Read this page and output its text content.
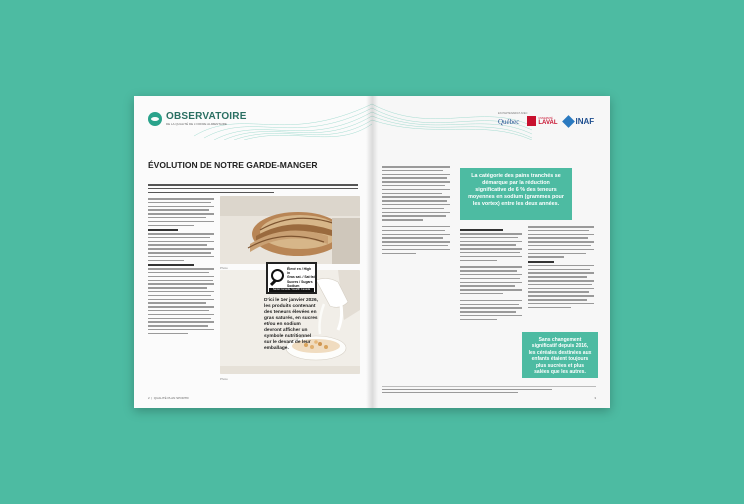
OBSERVATOIRE
DE LA QUALITÉ DE L'OFFRE ALIMENTAIRE
ÉVOLUTION DE NOTRE GARDE-MANGER
Photo
Photo
2  |  QUALITÉ PLAN SPORTIF
EN PARTENARIAT AVEC
Québec	UNIVERSITÉ
LAVAL INAF
La catégorie des pains tranchés se démarque par la réduction significative de 6 % des teneurs moyennes en sodium (grammes pour les vortex) entre les deux années.
Sans changement significatif depuis 2016, les céréales destinées aux enfants étaient toujours plus sucrées et plus salées que les autres.
3
Élevé en / High in
Gras sat. / Sat fat
Sucres / Sugars
Sodium
Santé Canada / Health Canada
D'ici le 1er janvier 2026, les produits contenant des teneurs élevées en gras saturés, en sucres et/ou en sodium devront afficher un symbole nutritionnel sur le devant de leur emballage.
